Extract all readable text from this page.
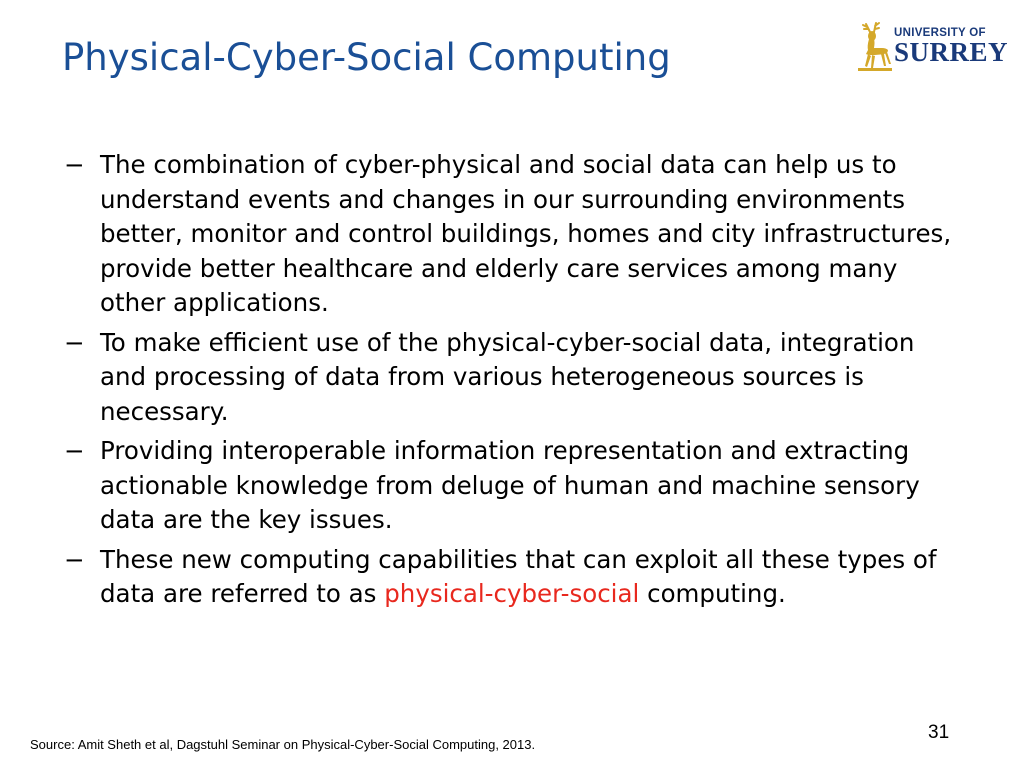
Physical-Cyber-Social Computing
UNIVERSITY OF
SURREY
− The combination of cyber-physical and social data can help us to understand events and changes in our surrounding environments better, monitor and control buildings, homes and city infrastructures, provide better healthcare and elderly care services among many other applications.
− To make efficient use of the physical-cyber-social data, integration and processing of data from various heterogeneous sources is necessary.
− Providing interoperable information representation and extracting actionable knowledge from deluge of human and machine sensory data are the key issues.
− These new computing capabilities that can exploit all these types of data are referred to as physical-cyber-social computing.
31
Source: Amit Sheth et al, Dagstuhl Seminar on Physical-Cyber-Social Computing, 2013.
